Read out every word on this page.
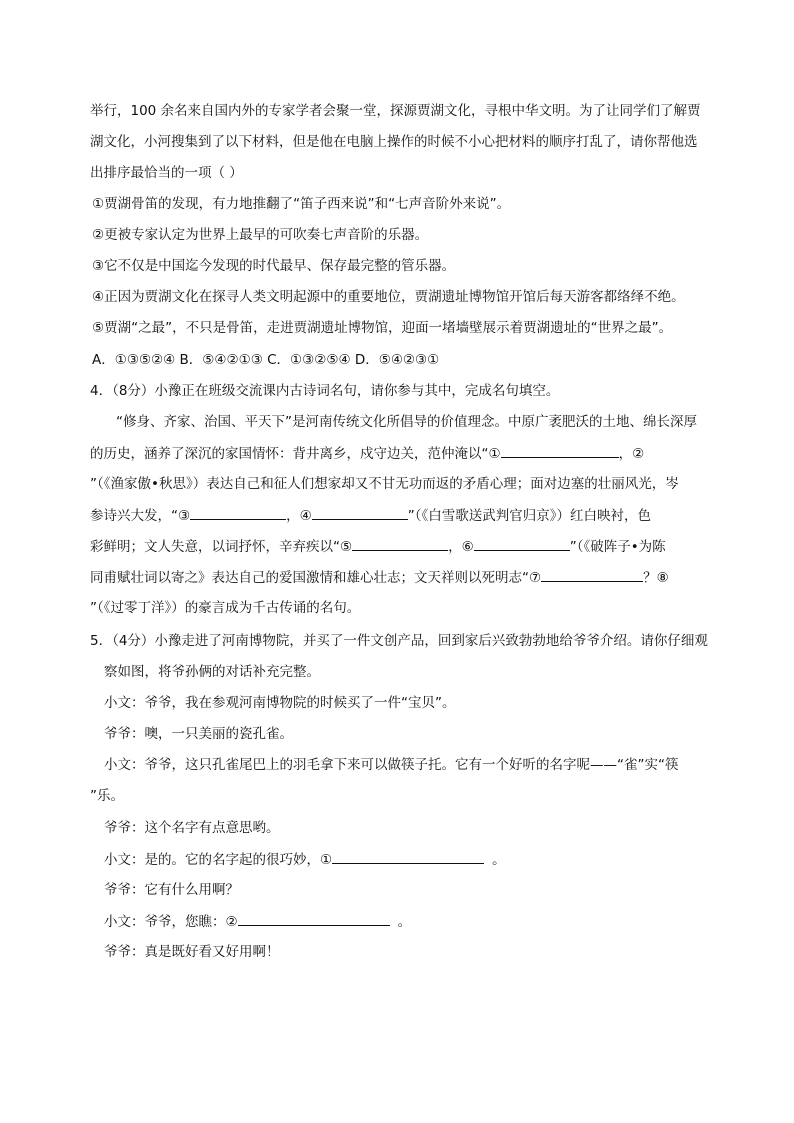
举行，100 余名来自国内外的专家学者会聚一堂，探源贾湖文化，寻根中华文明。为了让同学们了解贾
湖文化，小河搜集到了以下材料，但是他在电脑上操作的时候不小心把材料的顺序打乱了，请你帮他选
出排序最恰当的一项（ ）
①贾湖骨笛的发现，有力地推翻了“笛子西来说”和“七声音阶外来说”。
②更被专家认定为世界上最早的可吹奏七声音阶的乐器。
③它不仅是中国迄今发现的时代最早、保存最完整的管乐器。
④正因为贾湖文化在探寻人类文明起源中的重要地位，贾湖遗址博物馆开馆后每天游客都络绎不绝。
⑤贾湖“之最”，不只是骨笛，走进贾湖遗址博物馆，迎面一堵墙壁展示着贾湖遗址的“世界之最”。
A．①③⑤②④ B．⑤④②①③ C．①③②⑤④ D．⑤④②③①
4．（8分）小豫正在班级交流课内古诗词名句，请你参与其中，完成名句填空。
“修身、齐家、治国、平天下”是河南传统文化所倡导的价值理念。中原广袤肥沃的土地、绵长深厚
的历史，涵养了深沉的家国情怀：背井离乡，戍守边关，范仲淹以“①	，②
”（《渔家傲•秋思》）表达自己和征人们想家却又不甘无功而返的矛盾心理；面对边塞的壮丽风光，岑
参诗兴大发，“③	，④	”（《白雪歌送武判官归京》）红白映衬，色
彩鲜明；文人失意，以词抒怀，辛弃疾以“⑤	，⑥	”（《破阵子•为陈
同甫赋壮词以寄之》表达自己的爱国激情和雄心壮志；文天祥则以死明志“⑦	？⑧
”（《过零丁洋》）的豪言成为千古传诵的名句。
5．（4分）小豫走进了河南博物院，并买了一件文创产品，回到家后兴致勃勃地给爷爷介绍。请你仔细观
察如图，将爷孙俩的对话补充完整。
小文：爷爷，我在参观河南博物院的时候买了一件“宝贝”。
爷爷：噢，一只美丽的瓷孔雀。
小文：爷爷，这只孔雀尾巴上的羽毛拿下来可以做筷子托。它有一个好听的名字呢——“雀”实“筷
”乐。
爷爷：这个名字有点意思哟。
小文：是的。它的名字起的很巧妙，①	。
爷爷：它有什么用啊？
小文：爷爷，您瞧：②	。
爷爷：真是既好看又好用啊！
